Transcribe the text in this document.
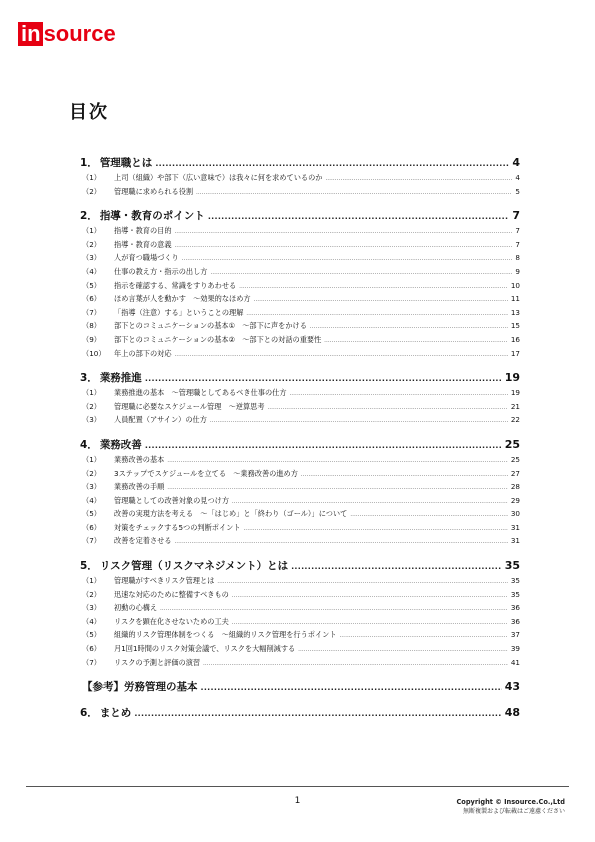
in source
目次
1． 管理職とは .....	4
（1）	上司（組織）や部下（広い意味で）は我々に何を求めているのか .....	4
（2）	管理職に求められる役割 .....	5
2． 指導・教育のポイント .....	7
（1）	指導・教育の目的 .....	7
（2）	指導・教育の意義 .....	7
（3）	人が育つ職場づくり .....	8
（4）	仕事の教え方・指示の出し方 .....	9
（5）	指示を確認する、常識をすりあわせる .....	10
（6）	ほめ言葉が人を動かす　～効果的なほめ方 .....	11
（7）	「指導（注意）する」ということの理解 .....	13
（8）	部下とのコミュニケーションの基本①　～部下に声をかける .....	15
（9）	部下とのコミュニケーションの基本②　～部下との対話の重要性 .....	16
（10）	年上の部下の対応 .....	17
3． 業務推進 .....	19
（1）	業務推進の基本　～管理職としてあるべき仕事の仕方 .....	19
（2）	管理職に必要なスケジュール管理　～逆算思考 .....	21
（3）	人員配置（アサイン）の仕方 .....	22
4． 業務改善 .....	25
（1）	業務改善の基本 .....	25
（2）	3ステップでスケジュールを立てる　～業務改善の進め方 .....	27
（3）	業務改善の手順 .....	28
（4）	管理職としての改善対象の見つけ方 .....	29
（5）	改善の実現方法を考える　～「はじめ」と「終わり（ゴール）」について .....	30
（6）	対策をチェックする5つの判断ポイント .....	31
（7）	改善を定着させる .....	31
5． リスク管理（リスクマネジメント）とは .....	35
（1）	管理職がすべきリスク管理とは .....	35
（2）	迅速な対応のために整備すべきもの .....	35
（3）	初動の心構え .....	36
（4）	リスクを顕在化させないための工夫 .....	36
（5）	組織的リスク管理体制をつくる　～組織的リスク管理を行うポイント .....	37
（6）	月1回1時間のリスク対策会議で、リスクを大幅削減する .....	39
（7）	リスクの予測と評価の演習 .....	41
【参考】労務管理の基本 .....	43
6． まとめ .....	48
1	Copyright © Insource.Co.,Ltd
無断複製および転載はご遠慮ください
